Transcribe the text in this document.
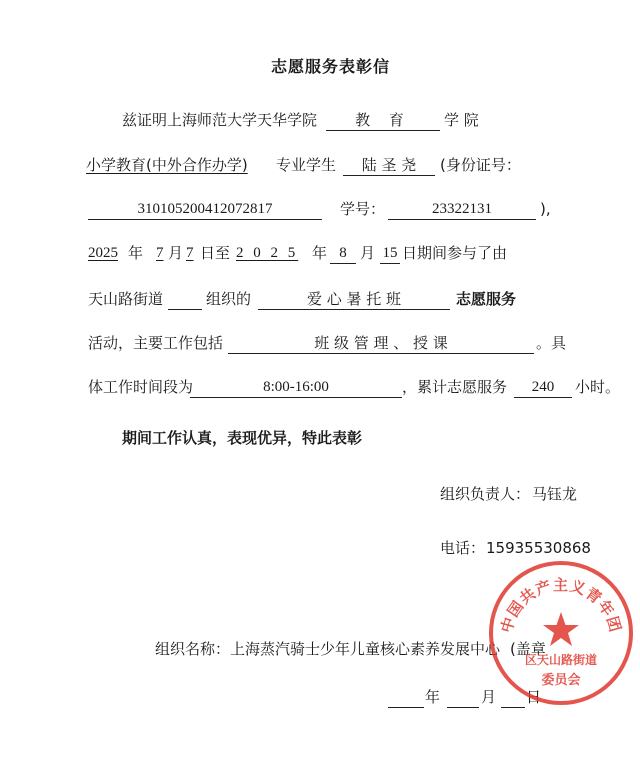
志愿服务表彰信
兹证明上海师范大学天华学院	教 育	学 院
小学教育(中外合作办学) 专业学生	陆 圣 尧	(身份证号：
310105200412072817	学号：	23322131	),
2025 年 7 月 7 日至 2 0 2 5 年 8 月 15 日期间参与了由
天山路街道	组织的	爱 心 暑 托 班	志愿服务
活动，主要工作包括	班 级 管 理 、 授 课	。具
体工作时间段为	8:00-16:00	，累计志愿服务	240	小时。
期间工作认真，表现优异，特此表彰
组织负责人： 马钰龙
电话： 15935530868
组织名称： 上海蒸汽骑士少年儿童核心素养发展中心 (盖章
年	月 日
中国共产主义青年团
区天山路街道
委员会
